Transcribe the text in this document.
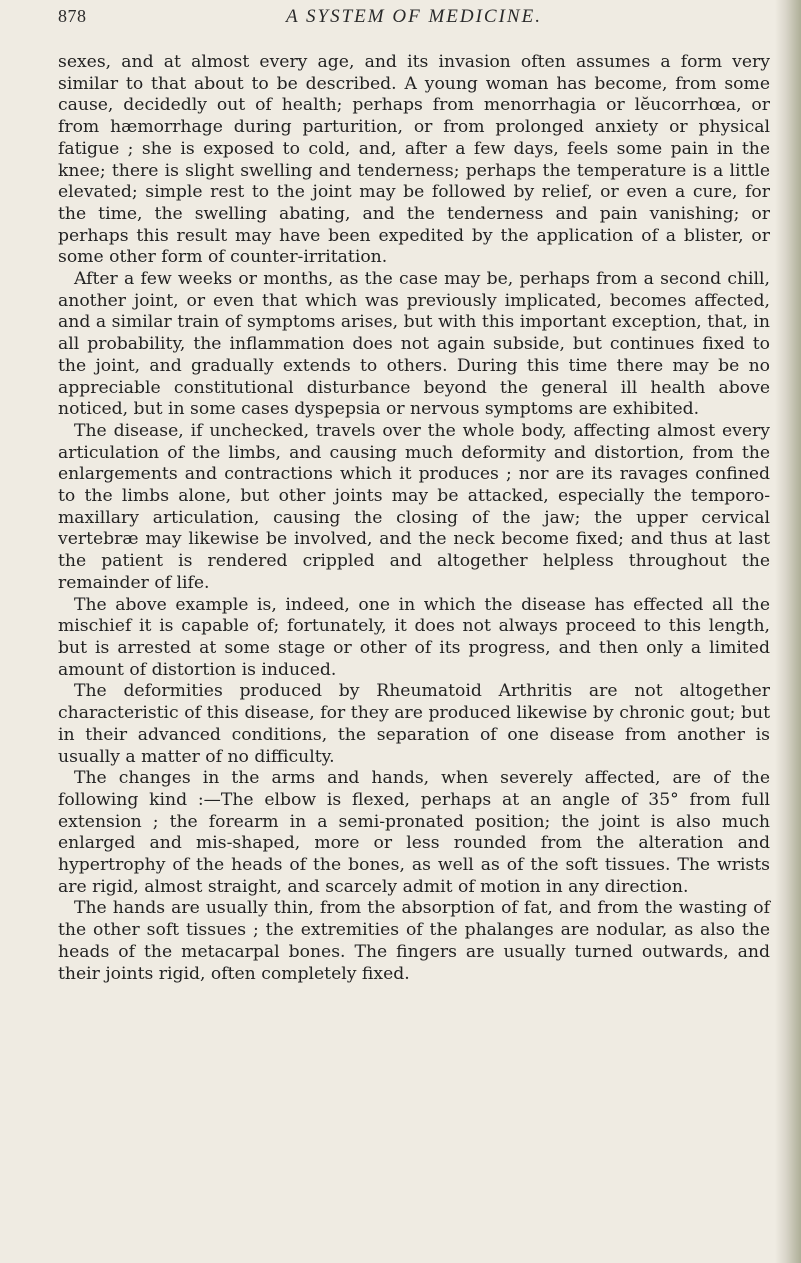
878	A SYSTEM OF MEDICINE.

sexes, and at almost every age, and its invasion often assumes a form very similar to that about to be described. A young woman has become, from some cause, decidedly out of health; perhaps from menorrhagia or lĕucorrhœa, or from hæmorrhage during parturition, or from prolonged anxiety or physical fatigue ; she is exposed to cold, and, after a few days, feels some pain in the knee; there is slight swelling and tenderness; perhaps the temperature is a little elevated; simple rest to the joint may be followed by relief, or even a cure, for the time, the swelling abating, and the tenderness and pain vanishing; or perhaps this result may have been expedited by the application of a blister, or some other form of counter-irritation.

After a few weeks or months, as the case may be, perhaps from a second chill, another joint, or even that which was previously implicated, becomes affected, and a similar train of symptoms arises, but with this important exception, that, in all probability, the inflammation does not again subside, but continues fixed to the joint, and gradually extends to others. During this time there may be no appreciable constitutional disturbance beyond the general ill health above noticed, but in some cases dyspepsia or nervous symptoms are exhibited.

The disease, if unchecked, travels over the whole body, affecting almost every articulation of the limbs, and causing much deformity and distortion, from the enlargements and contractions which it produces ; nor are its ravages confined to the limbs alone, but other joints may be attacked, especially the temporo-maxillary articulation, causing the closing of the jaw; the upper cervical vertebræ may likewise be involved, and the neck become fixed; and thus at last the patient is rendered crippled and altogether helpless throughout the remainder of life.

The above example is, indeed, one in which the disease has effected all the mischief it is capable of; fortunately, it does not always proceed to this length, but is arrested at some stage or other of its progress, and then only a limited amount of distortion is induced.

The deformities produced by Rheumatoid Arthritis are not altogether characteristic of this disease, for they are produced likewise by chronic gout; but in their advanced conditions, the separation of one disease from another is usually a matter of no difficulty.

The changes in the arms and hands, when severely affected, are of the following kind :—The elbow is flexed, perhaps at an angle of 35° from full extension ; the forearm in a semi-pronated position; the joint is also much enlarged and mis-shaped, more or less rounded from the alteration and hypertrophy of the heads of the bones, as well as of the soft tissues. The wrists are rigid, almost straight, and scarcely admit of motion in any direction.

The hands are usually thin, from the absorption of fat, and from the wasting of the other soft tissues ; the extremities of the phalanges are nodular, as also the heads of the metacarpal bones. The fingers are usually turned outwards, and their joints rigid, often completely fixed.
